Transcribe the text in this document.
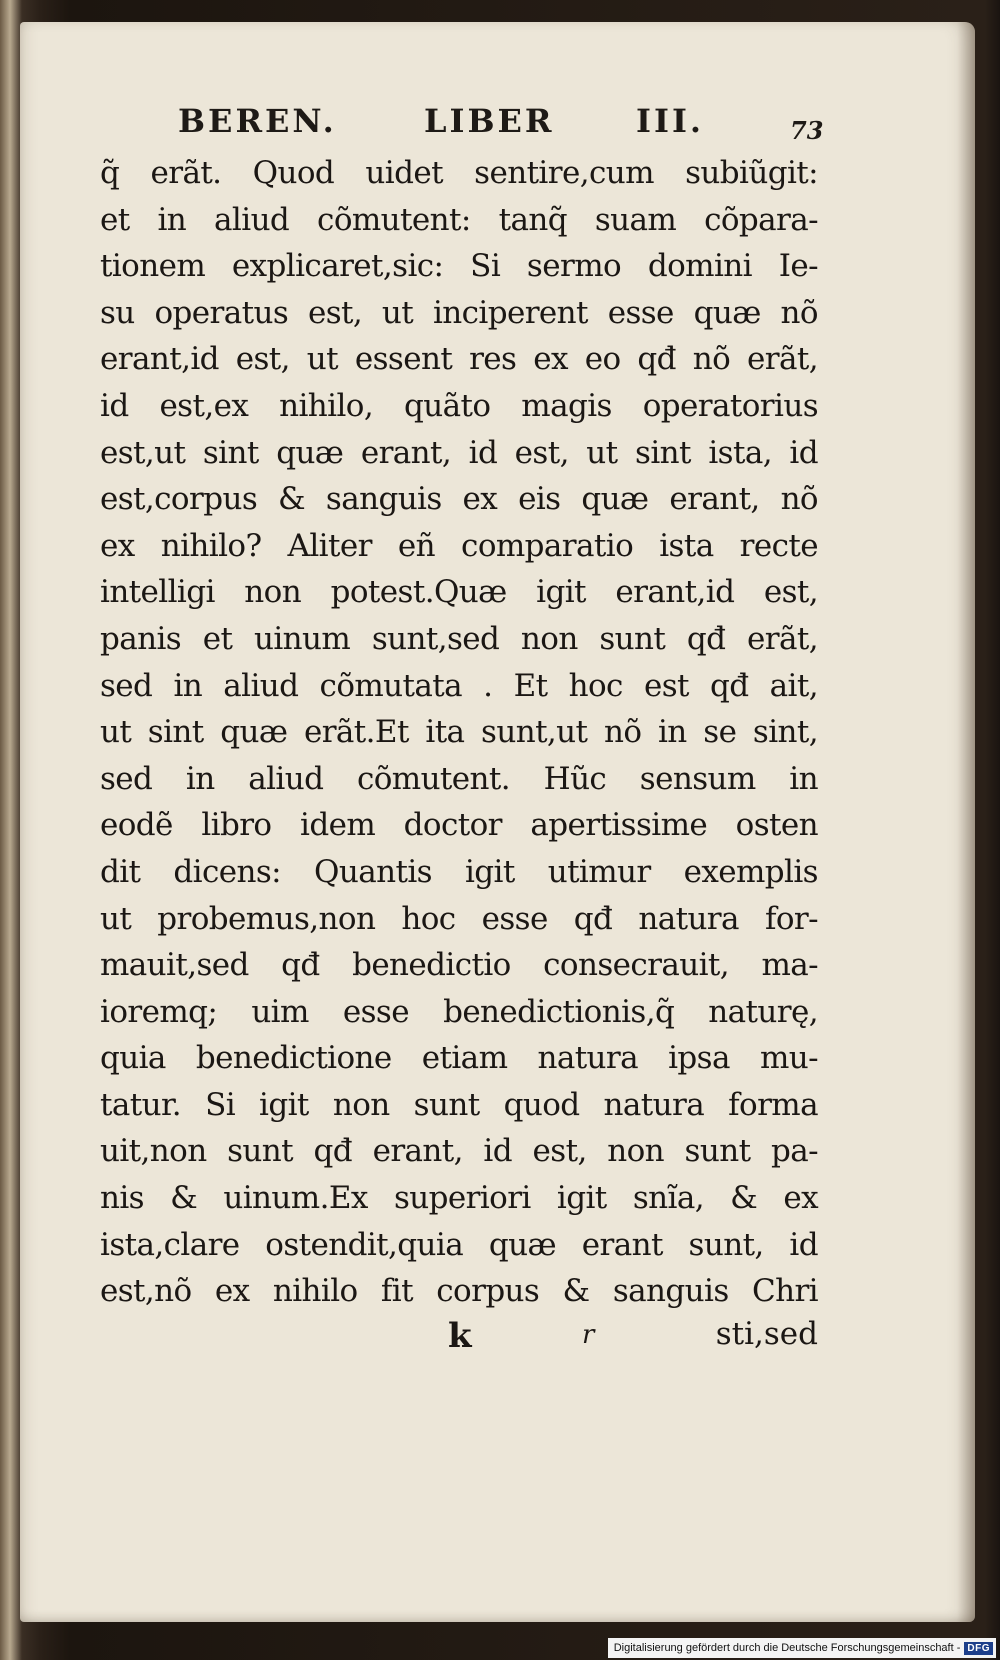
BEREN.	LIBER	III.	73
q̃ erãt. Quod uidet sentire,cum subiũgit:
et in aliud cõmutent: tanq̃ suam cõpara-
tionem explicaret,sic: Si sermo domini Ie-
su operatus est, ut inciperent esse quæ nõ
erant,id est, ut essent res ex eo qđ nõ erãt,
id est,ex nihilo, quãto magis operatorius
est,ut sint quæ erant, id est, ut sint ista, id
est,corpus & sanguis ex eis quæ erant, nõ
ex nihilo? Aliter eñ comparatio ista recte
intelligi non potest.Quæ igit erant,id est,
panis et uinum sunt,sed non sunt qđ erãt,
sed in aliud cõmutata . Et hoc est qđ ait,
ut sint quæ erãt.Et ita sunt,ut nõ in se sint,
sed in aliud cõmutent. Hũc sensum in
eodẽ libro idem doctor apertissime osten
dit dicens: Quantis igit utimur exemplis
ut probemus,non hoc esse qđ natura for-
mauit,sed qđ benedictio consecrauit, ma-
ioremq; uim esse benedictionis,q̃ naturę,
quia benedictione etiam natura ipsa mu-
tatur. Si igit non sunt quod natura forma
uit,non sunt qđ erant, id est, non sunt pa-
nis & uinum.Ex superiori igit snĩa, & ex
ista,clare ostendit,quia quæ erant sunt, id
est,nõ ex nihilo fit corpus & sanguis Chri
k	r	sti,sed
Digitalisierung gefördert durch die Deutsche Forschungsgemeinschaft - DFG
